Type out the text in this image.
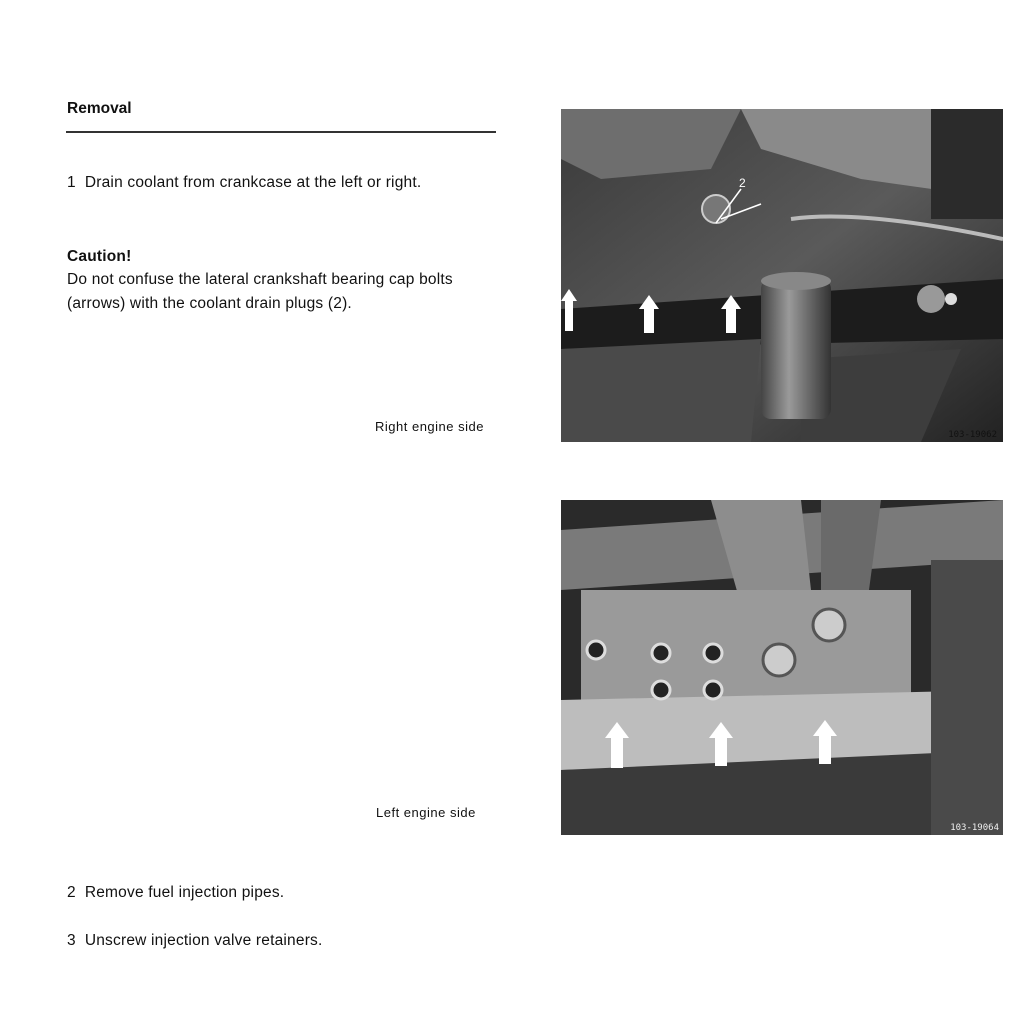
Removal
1 Drain coolant from crankcase at the left or right.
Caution!
Do not confuse the lateral crankshaft bearing cap bolts (arrows) with the coolant drain plugs (2).
Right engine side
Left engine side
2
103-19062
103-19064
2 Remove fuel injection pipes.
3 Unscrew injection valve retainers.
